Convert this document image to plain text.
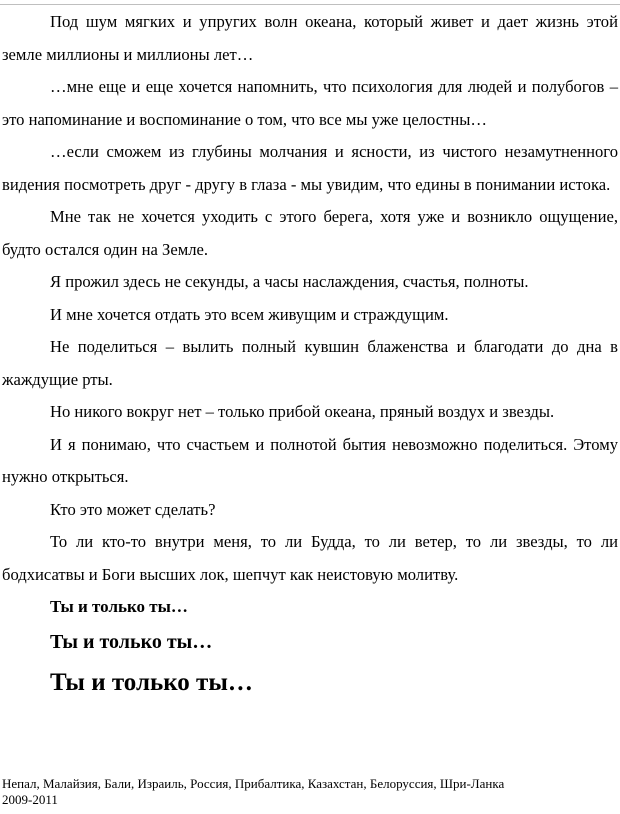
Под шум мягких и упругих волн океана, который живет и дает жизнь этой земле миллионы и миллионы лет…

…мне еще и еще хочется напомнить, что психология для людей и полубогов – это напоминание и воспоминание о том, что все мы уже целостны…

…если сможем из глубины молчания и ясности, из чистого незамутненного видения посмотреть друг - другу в глаза - мы увидим, что едины в понимании истока.

Мне так не хочется уходить с этого берега, хотя уже и возникло ощущение, будто остался один на Земле.

Я прожил здесь не секунды, а часы наслаждения, счастья, полноты.

И мне хочется отдать это всем живущим и страждущим.

Не поделиться – вылить полный кувшин блаженства и благодати до дна в жаждущие рты.

Но никого вокруг нет – только прибой океана, пряный воздух и звезды.

И я понимаю, что счастьем и полнотой бытия невозможно поделиться. Этому нужно открыться.

Кто это может сделать?

То ли кто-то внутри меня, то ли Будда, то ли ветер, то ли звезды, то ли бодхисатвы и Боги высших лок, шепчут как неистовую молитву.

Ты и только ты…
Ты и только ты…
Ты и только ты…
Непал, Малайзия, Бали, Израиль, Россия, Прибалтика, Казахстан, Белоруссия, Шри-Ланка
2009-2011
